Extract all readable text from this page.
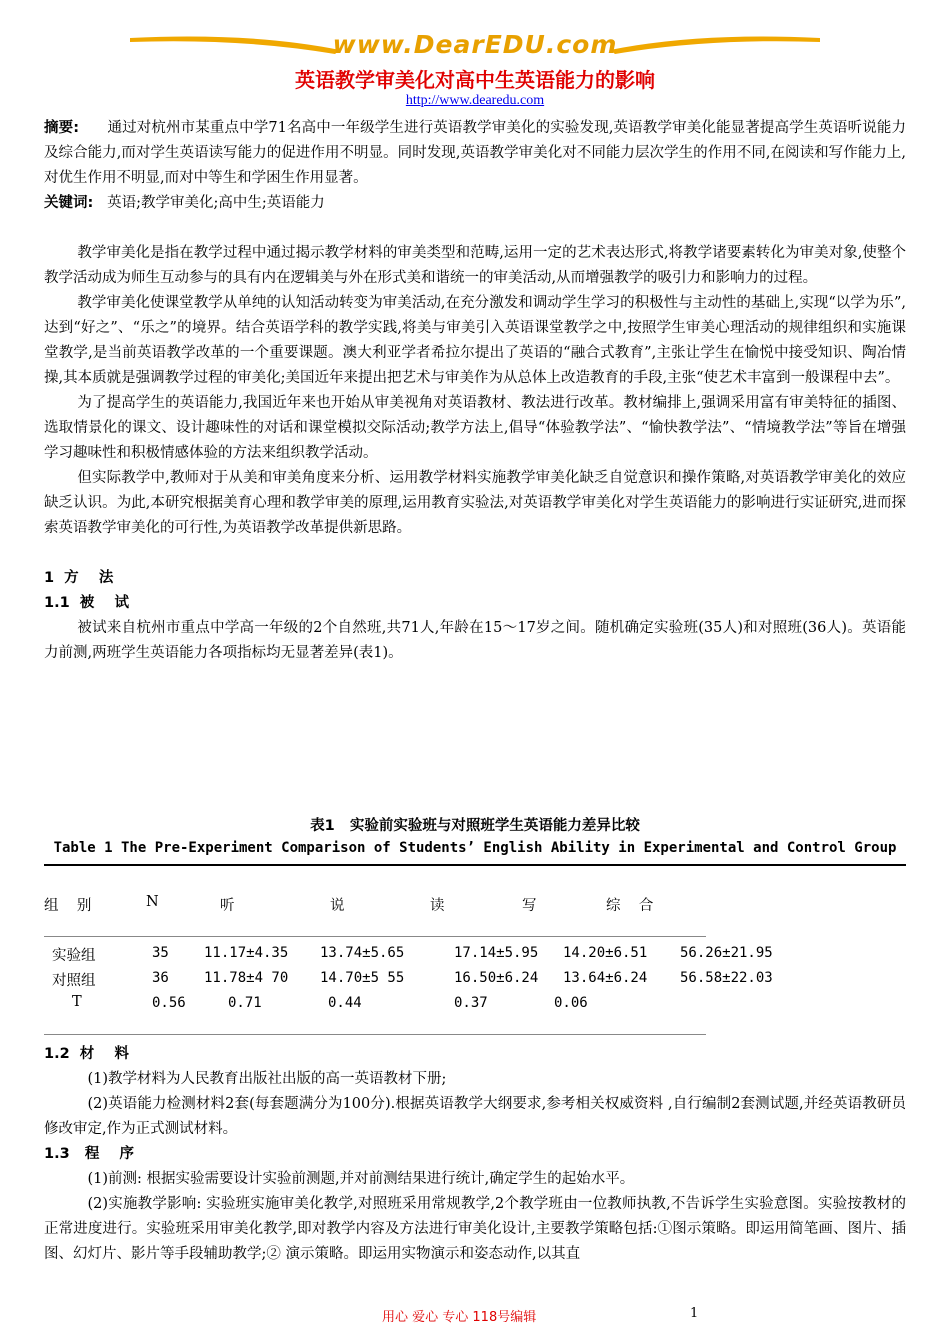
www.DearEDU.com
英语教学审美化对高中生英语能力的影响
http://www.dearedu.com

摘要: 通过对杭州市某重点中学71名高中一年级学生进行英语教学审美化的实验发现,英语教学审美化能显著提高学生英语听说能力及综合能力,而对学生英语读写能力的促进作用不明显。同时发现,英语教学审美化对不同能力层次学生的作用不同,在阅读和写作能力上,对优生作用不明显,而对中等生和学困生作用显著。

关键词: 英语;教学审美化;高中生;英语能力

教学审美化是指在教学过程中通过揭示教学材料的审美类型和范畴,运用一定的艺术表达形式,将教学诸要素转化为审美对象,使整个教学活动成为师生互动参与的具有内在逻辑美与外在形式美和谐统一的审美活动,从而增强教学的吸引力和影响力的过程。

教学审美化使课堂教学从单纯的认知活动转变为审美活动,在充分激发和调动学生学习的积极性与主动性的基础上,实现“以学为乐”,达到“好之”、“乐之”的境界。结合英语学科的教学实践,将美与审美引入英语课堂教学之中,按照学生审美心理活动的规律组织和实施课堂教学,是当前英语教学改革的一个重要课题。澳大利亚学者希拉尔提出了英语的“融合式教育”,主张让学生在愉悦中接受知识、陶冶情操,其本质就是强调教学过程的审美化;美国近年来提出把艺术与审美作为从总体上改造教育的手段,主张“使艺术丰富到一般课程中去”。

为了提高学生的英语能力,我国近年来也开始从审美视角对英语教材、教法进行改革。教材编排上,强调采用富有审美特征的插图、选取情景化的课文、设计趣味性的对话和课堂模拟交际活动;教学方法上,倡导“体验教学法”、“愉快教学法”、“情境教学法”等旨在增强学习趣味性和积极情感体验的方法来组织教学活动。

但实际教学中,教师对于从美和审美角度来分析、运用教学材料实施教学审美化缺乏自觉意识和操作策略,对英语教学审美化的效应缺乏认识。为此,本研究根据美育心理和教学审美的原理,运用教育实验法,对英语教学审美化对学生英语能力的影响进行实证研究,进而探索英语教学审美化的可行性,为英语教学改革提供新思路。

1  方    法

1.1  被    试

被试来自杭州市重点中学高一年级的2个自然班,共71人,年龄在15～17岁之间。随机确定实验班(35人)和对照班(36人)。英语能力前测,两班学生英语能力各项指标均无显著差异(表1)。

表1   实验前实验班与对照班学生英语能力差异比较
Table 1 The Pre-Experiment Comparison of Students’ English Ability in Experimental and Control Group
组    别	N	听	说	读	写	综    合
实验组	35	11.17±4.35 13.74±5.65	17.14±5.95 14.20±6.51 56.26±21.95
对照组	36	11.78±4 70 14.70±5 55	16.50±6.24 13.64±6.24 56.58±22.03
T	0.56	0.71	0.44	0.37	0.06

1.2  材    料

(1)教学材料为人民教育出版社出版的高一英语教材下册;

(2)英语能力检测材料2套(每套题满分为100分).根据英语教学大纲要求,参考相关权威资料 ,自行编制2套测试题,并经英语教研员修改审定,作为正式测试材料。

1.3   程    序

(1)前测: 根据实验需要设计实验前测题,并对前测结果进行统计,确定学生的起始水平。

(2)实施教学影响: 实验班实施审美化教学,对照班采用常规教学,2个教学班由一位教师执教,不告诉学生实验意图。实验按教材的正常进度进行。实验班采用审美化教学,即对教学内容及方法进行审美化设计,主要教学策略包括:①图示策略。即运用简笔画、图片、插图、幻灯片、影片等手段辅助教学;② 演示策略。即运用实物演示和姿态动作,以其直

用心 爱心 专心 118号编辑	1
